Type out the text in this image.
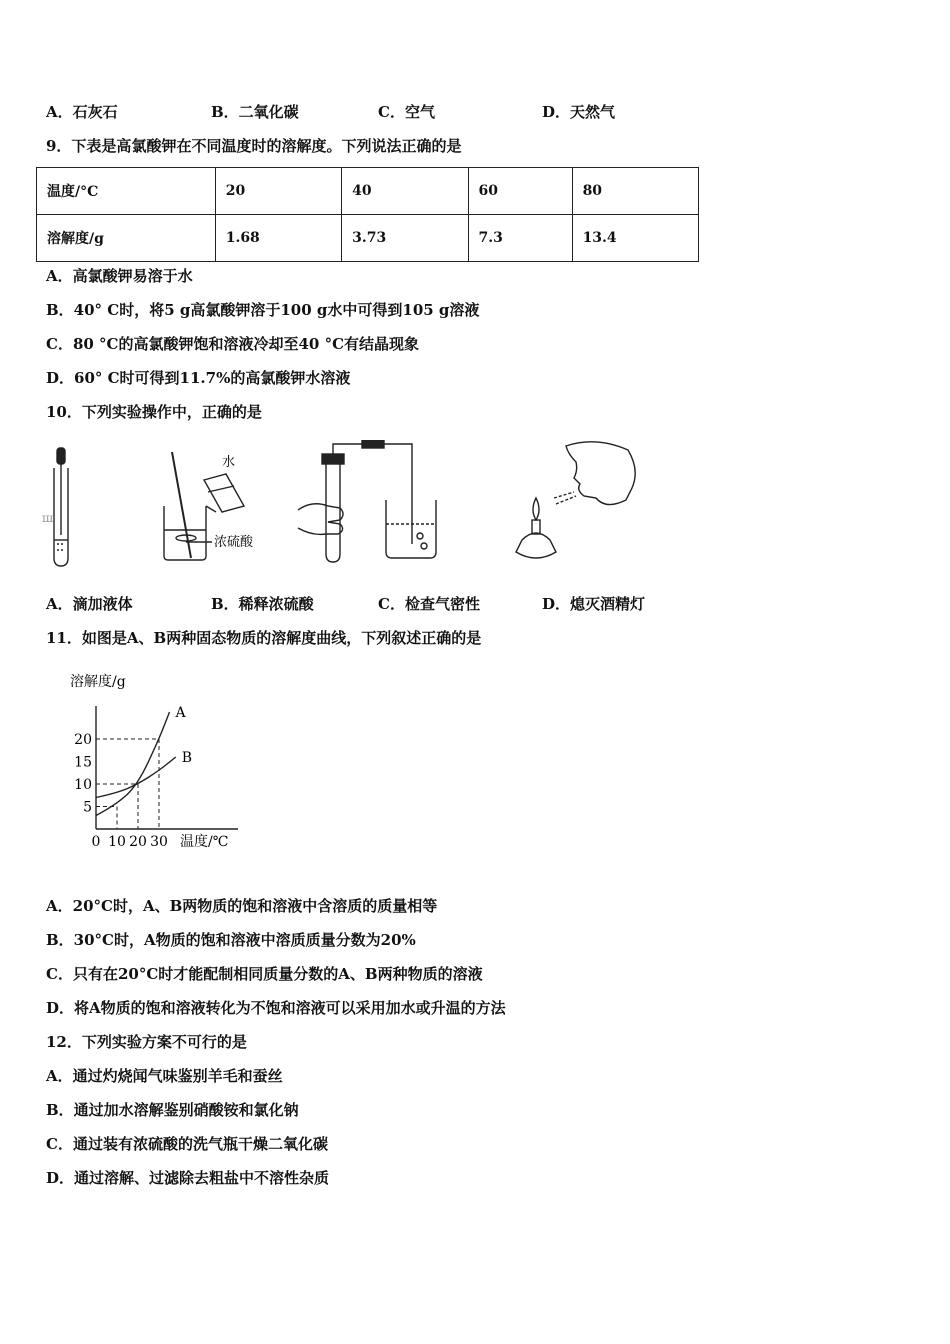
A．石灰石	B．二氧化碳	C．空气	D．天然气
9．下表是高氯酸钾在不同温度时的溶解度。下列说法正确的是
温度/°C	20	40	60	80
溶解度/g	1.68	3.73	7.3	13.4
A．高氯酸钾易溶于水
B．40° C时，将5 g高氯酸钾溶于100 g水中可得到105 g溶液
C．80 °C的高氯酸钾饱和溶液冷却至40 °C有结晶现象
D．60° C时可得到11.7%的高氯酸钾水溶液
10．下列实验操作中，正确的是
ш
水
浓硫酸
A．滴加液体	B．稀释浓硫酸	C．检查气密性	D．熄灭酒精灯
11．如图是A、B两种固态物质的溶解度曲线，下列叙述正确的是
溶解度/g
温度/℃
5
10
15
20
0 10 20 30
A
B
A．20°C时，A、B两物质的饱和溶液中含溶质的质量相等
B．30°C时，A物质的饱和溶液中溶质质量分数为20%
C．只有在20°C时才能配制相同质量分数的A、B两种物质的溶液
D．将A物质的饱和溶液转化为不饱和溶液可以采用加水或升温的方法
12．下列实验方案不可行的是
A．通过灼烧闻气味鉴别羊毛和蚕丝
B．通过加水溶解鉴别硝酸铵和氯化钠
C．通过装有浓硫酸的洗气瓶干燥二氧化碳
D．通过溶解、过滤除去粗盐中不溶性杂质
